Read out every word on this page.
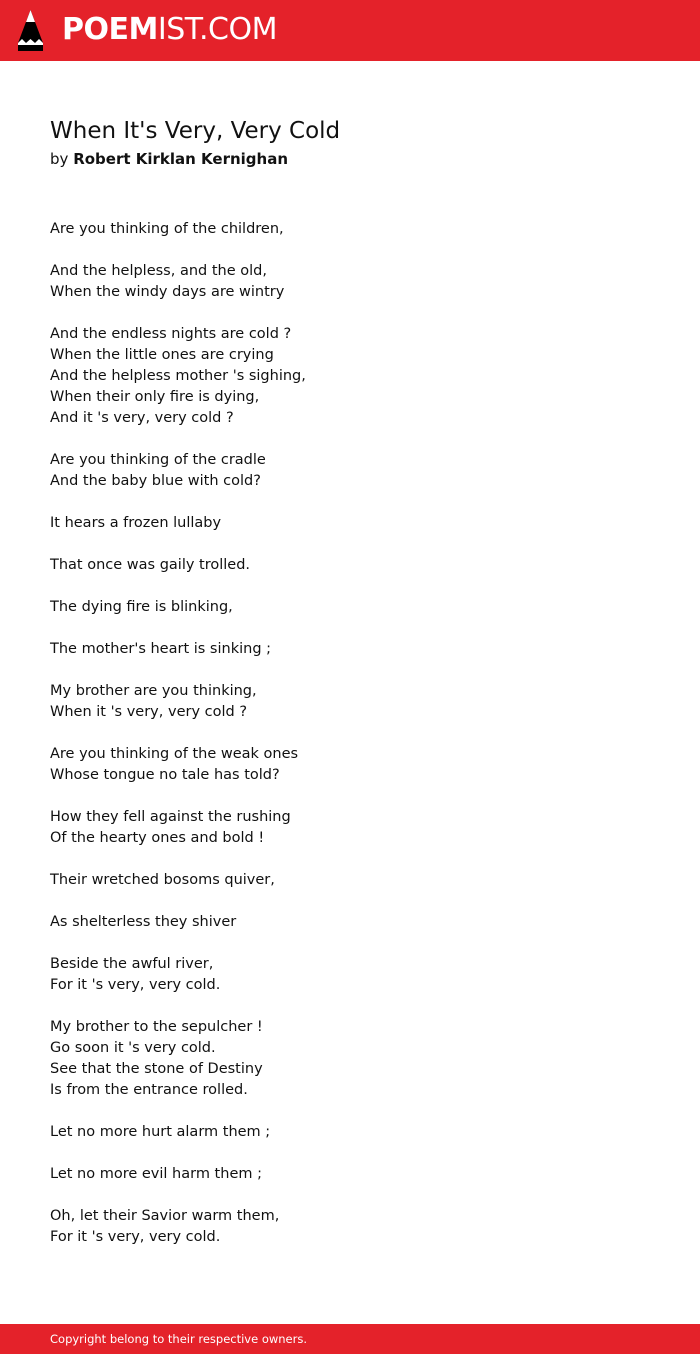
POEMIST.COM
When It's Very, Very Cold
by Robert Kirklan Kernighan
Are you thinking of the children,
And the helpless, and the old,
When the windy days are wintry
And the endless nights are cold ?
When the little ones are crying
And the helpless mother 's sighing,
When their only fire is dying,
And it 's very, very cold ?
Are you thinking of the cradle
And the baby blue with cold?
It hears a frozen lullaby
That once was gaily trolled.
The dying fire is blinking,
The mother's heart is sinking ;
My brother are you thinking,
When it 's very, very cold ?
Are you thinking of the weak ones
Whose tongue no tale has told?
How they fell against the rushing
Of the hearty ones and bold !
Their wretched bosoms quiver,
As shelterless they shiver
Beside the awful river,
For it 's very, very cold.
My brother to the sepulcher !
Go soon it 's very cold.
See that the stone of Destiny
Is from the entrance rolled.
Let no more hurt alarm them ;
Let no more evil harm them ;
Oh, let their Savior warm them,
For it 's very, very cold.
Copyright belong to their respective owners.
